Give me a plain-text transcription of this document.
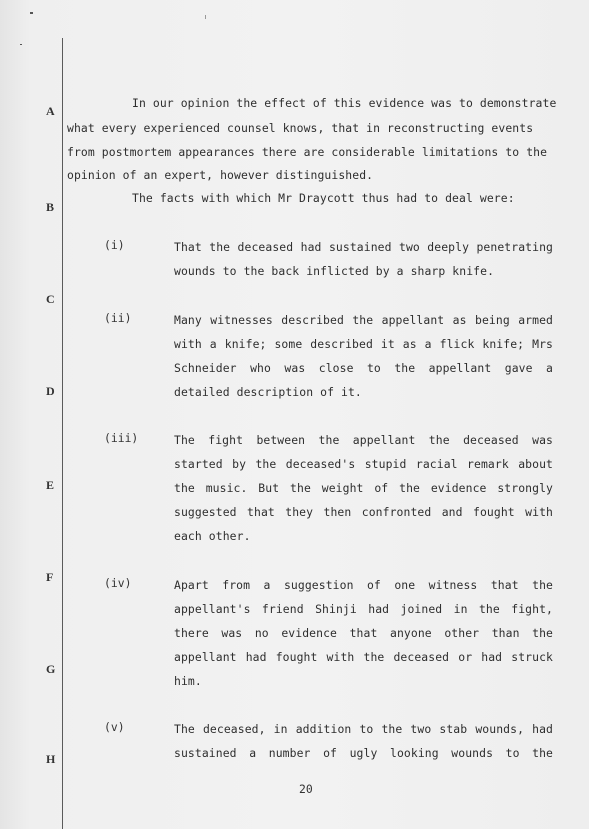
A
B
C
D
E
F
G
H
In our opinion the effect of this evidence was to demonstrate
what every experienced counsel knows, that in reconstructing events
from postmortem appearances there are considerable limitations to the
opinion of an expert, however distinguished.
The facts with which Mr Draycott thus had to deal were:
(i)	That the deceased had sustained two deeply penetrating
wounds to the back inflicted by a sharp knife.
(ii)	Many witnesses described the appellant as being armed
with a knife; some described it as a flick knife; Mrs
Schneider who was close to the appellant gave a
detailed description of it.
(iii)	The fight between the appellant the deceased was
started by the deceased's stupid racial remark about
the music. But the weight of the evidence strongly
suggested that they then confronted and fought with
each other.
(iv)	Apart from a suggestion of one witness that the
appellant's friend Shinji had joined in the fight,
there was no evidence that anyone other than the
appellant had fought with the deceased or had struck
him.
(v)	The deceased, in addition to the two stab wounds, had
sustained a number of ugly looking wounds to the
20
